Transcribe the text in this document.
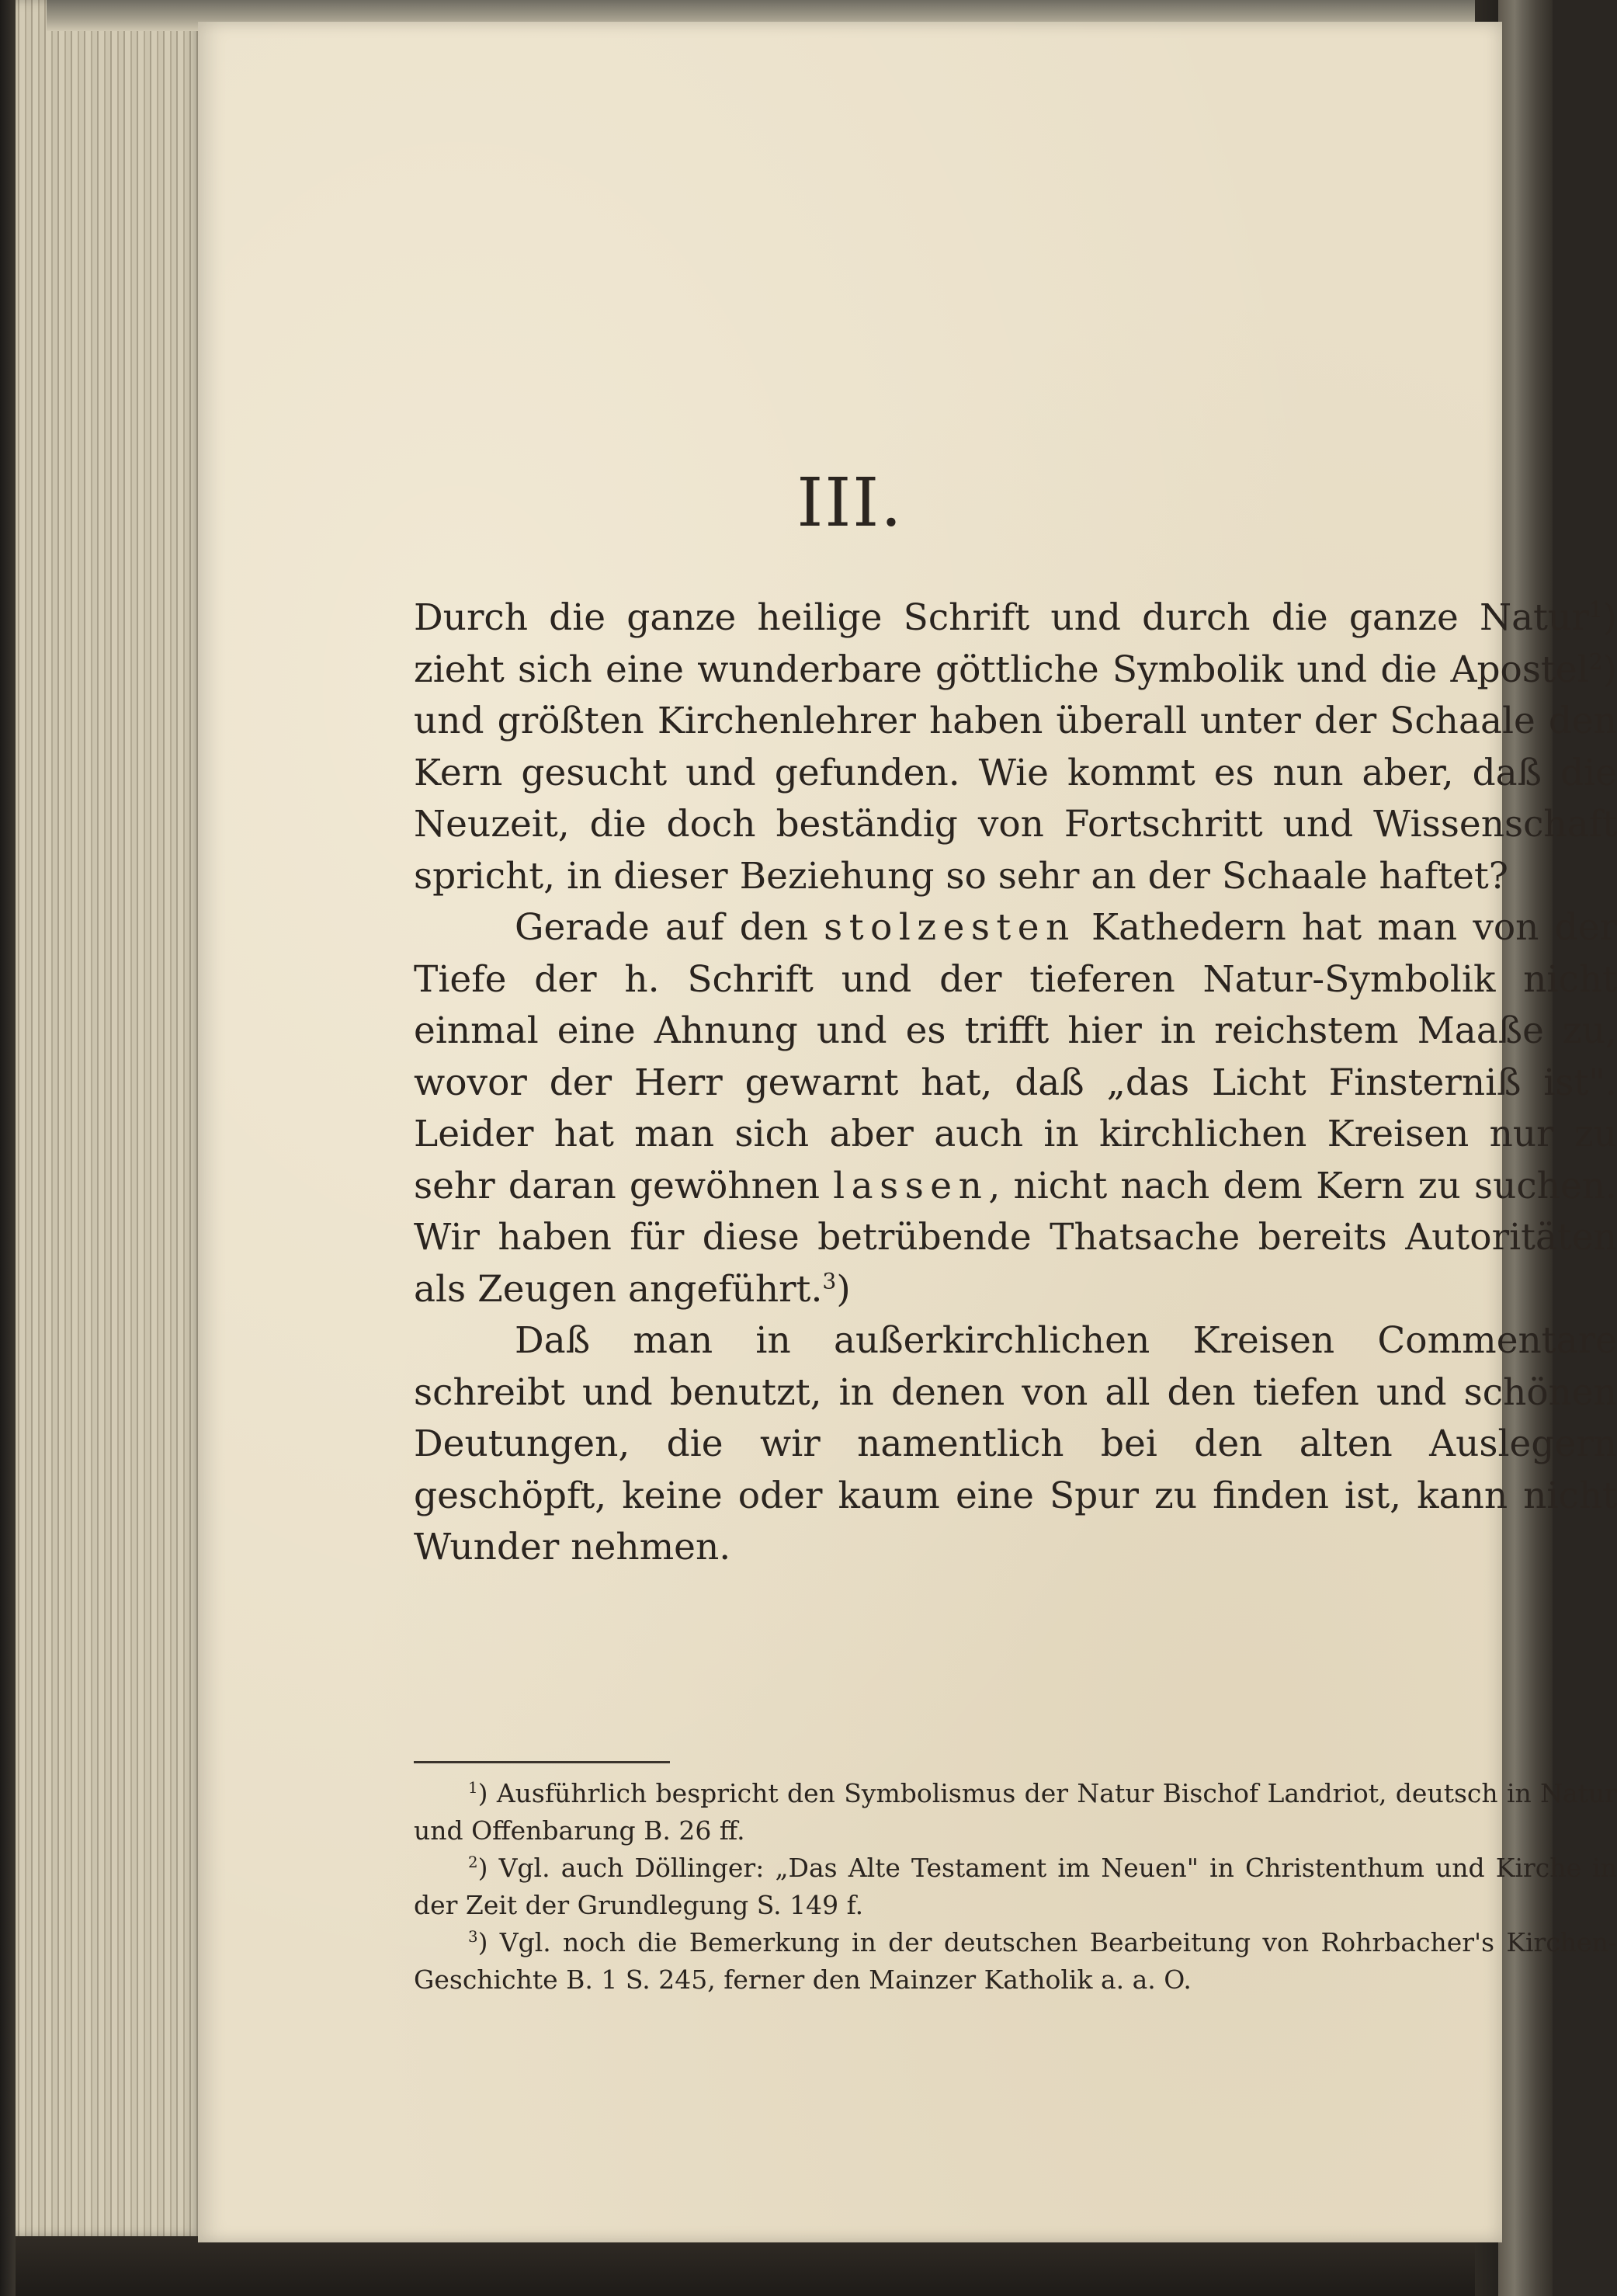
III.

Durch die ganze heilige Schrift und durch die ganze Natur$^1$) zieht sich eine wunderbare göttliche Symbolik und die Apostel$^2$) und größten Kirchenlehrer haben überall unter der Schaale den Kern gesucht und gefunden. Wie kommt es nun aber, daß die Neuzeit, die doch beständig von Fortschritt und Wissenschaft spricht, in dieser Beziehung so sehr an der Schaale haftet?

Gerade auf den stolzesten Kathedern hat man von der Tiefe der h. Schrift und der tieferen Natur-Symbolik nicht einmal eine Ahnung und es trifft hier in reichstem Maaße zu, wovor der Herr gewarnt hat, daß „das Licht Finsterniß ist". Leider hat man sich aber auch in kirchlichen Kreisen nur zu sehr daran gewöhnen lassen, nicht nach dem Kern zu suchen. Wir haben für diese betrübende Thatsache bereits Autoritäten als Zeugen angeführt.$^3$)

Daß man in außerkirchlichen Kreisen Commentare schreibt und benutzt, in denen von all den tiefen und schönen Deutungen, die wir namentlich bei den alten Auslegern geschöpft, keine oder kaum eine Spur zu finden ist, kann nicht Wunder nehmen.

$^1$) Ausführlich bespricht den Symbolismus der Natur Bischof Landriot, deutsch in Natur und Offenbarung B. 26 ff.

$^2$) Vgl. auch Döllinger: „Das Alte Testament im Neuen" in Christenthum und Kirche in der Zeit der Grundlegung S. 149 f.

$^3$) Vgl. noch die Bemerkung in der deutschen Bearbeitung von Rohrbacher's Kirchen-Geschichte B. 1 S. 245, ferner den Mainzer Katholik a. a. O.
